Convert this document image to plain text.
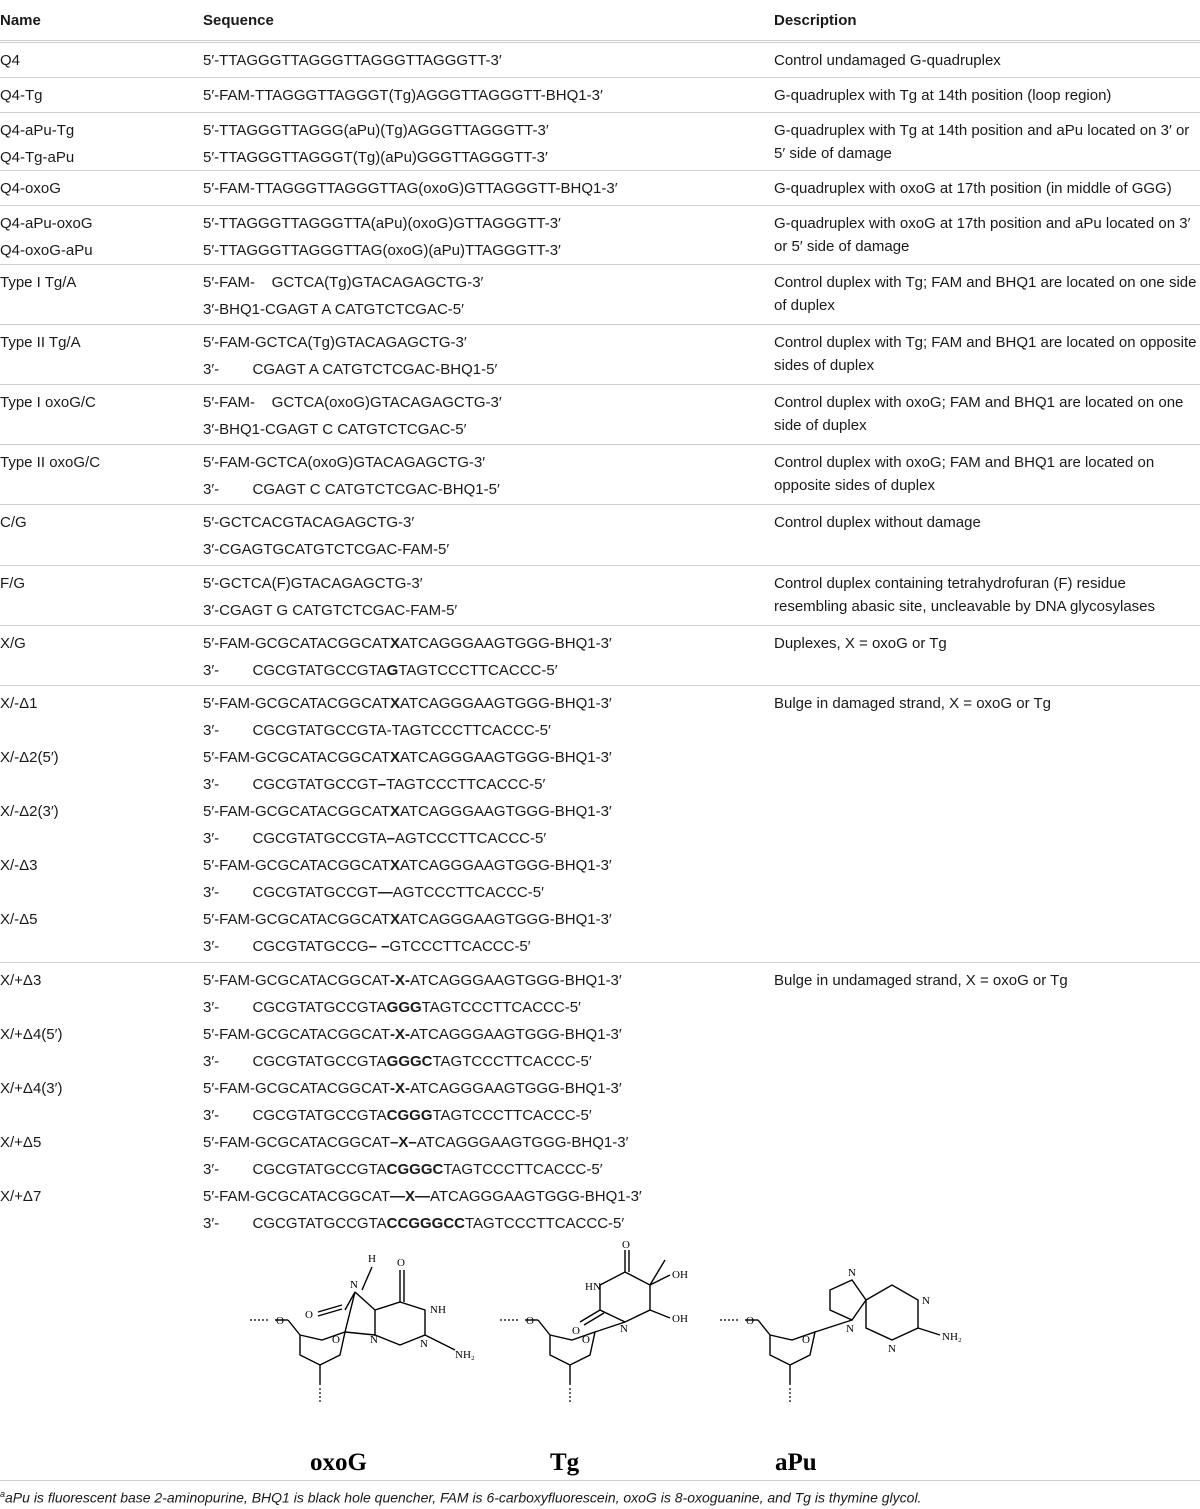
Name	Sequence	Description
Q4	5′-TTAGGGTTAGGGTTAGGGTTAGGGTT-3′	Control undamaged G-quadruplex
Q4-Tg	5′-FAM-TTAGGGTTAGGGT(Tg)AGGGTTAGGGTT-BHQ1-3′	G-quadruplex with Tg at 14th position (loop region)
Q4-aPu-Tg	5′-TTAGGGTTAGGG(aPu)(Tg)AGGGTTAGGGTT-3′
Q4-Tg-aPu	5′-TTAGGGTTAGGGT(Tg)(aPu)GGGTTAGGGTT-3′
G-quadruplex with Tg at 14th position and aPu located on 3′ or 5′ side of damage
Q4-oxoG	5′-FAM-TTAGGGTTAGGGTTAG(oxoG)GTTAGGGTT-BHQ1-3′	G-quadruplex with oxoG at 17th position (in middle of GGG)
Q4-aPu-oxoG	5′-TTAGGGTTAGGGTTA(aPu)(oxoG)GTTAGGGTT-3′
Q4-oxoG-aPu	5′-TTAGGGTTAGGGTTAG(oxoG)(aPu)TTAGGGTT-3′
G-quadruplex with oxoG at 17th position and aPu located on 3′ or 5′ side of damage
Type I Tg/A	5′-FAM-    GCTCA(Tg)GTACAGAGCTG-3′
3′-BHQ1-CGAGT A CATGTCTCGAC-5′
Control duplex with Tg; FAM and BHQ1 are located on one side of duplex
Type II Tg/A	5′-FAM-GCTCA(Tg)GTACAGAGCTG-3′
3′-        CGAGT A CATGTCTCGAC-BHQ1-5′
Control duplex with Tg; FAM and BHQ1 are located on opposite sides of duplex
Type I oxoG/C	5′-FAM-    GCTCA(oxoG)GTACAGAGCTG-3′
3′-BHQ1-CGAGT C CATGTCTCGAC-5′
Control duplex with oxoG; FAM and BHQ1 are located on one side of duplex
Type II oxoG/C	5′-FAM-GCTCA(oxoG)GTACAGAGCTG-3′
3′-        CGAGT C CATGTCTCGAC-BHQ1-5′
Control duplex with oxoG; FAM and BHQ1 are located on opposite sides of duplex
C/G	5′-GCTCACGTACAGAGCTG-3′
3′-CGAGTGCATGTCTCGAC-FAM-5′
Control duplex without damage
F/G	5′-GCTCA(F)GTACAGAGCTG-3′
3′-CGAGT G CATGTCTCGAC-FAM-5′
Control duplex containing tetrahydrofuran (F) residue resembling abasic site, uncleavable by DNA glycosylases
X/G	5′-FAM-GCGCATACGGCATXATCAGGGAAGTGGG-BHQ1-3′
3′-        CGCGTATGCCGTAGTAGTCCCTTCACCC-5′
Duplexes, X = oxoG or Tg
X/-Δ1	5′-FAM-GCGCATACGGCATXATCAGGGAAGTGGG-BHQ1-3′
3′-        CGCGTATGCCGTA-TAGTCCCTTCACCC-5′
X/-Δ2(5′)	5′-FAM-GCGCATACGGCATXATCAGGGAAGTGGG-BHQ1-3′
3′-        CGCGTATGCCGT–TAGTCCCTTCACCC-5′
X/-Δ2(3′)	5′-FAM-GCGCATACGGCATXATCAGGGAAGTGGG-BHQ1-3′
3′-        CGCGTATGCCGTA–AGTCCCTTCACCC-5′
X/-Δ3	5′-FAM-GCGCATACGGCATXATCAGGGAAGTGGG-BHQ1-3′
3′-        CGCGTATGCCGT—AGTCCCTTCACCC-5′
X/-Δ5	5′-FAM-GCGCATACGGCATXATCAGGGAAGTGGG-BHQ1-3′
3′-        CGCGTATGCCG– –GTCCCTTCACCC-5′
Bulge in damaged strand, X = oxoG or Tg
X/+Δ3	5′-FAM-GCGCATACGGCAT-X-ATCAGGGAAGTGGG-BHQ1-3′
3′-        CGCGTATGCCGTAGGGTAGTCCCTTCACCC-5′
X/+Δ4(5′)	5′-FAM-GCGCATACGGCAT-X-ATCAGGGAAGTGGG-BHQ1-3′
3′-        CGCGTATGCCGTAGGGCTAGTCCCTTCACCC-5′
X/+Δ4(3′)	5′-FAM-GCGCATACGGCAT-X-ATCAGGGAAGTGGG-BHQ1-3′
3′-        CGCGTATGCCGTACGGGTAGTCCCTTCACCC-5′
X/+Δ5	5′-FAM-GCGCATACGGCAT–X–ATCAGGGAAGTGGG-BHQ1-3′
3′-        CGCGTATGCCGTACGGGCTAGTCCCTTCACCC-5′
X/+Δ7	5′-FAM-GCGCATACGGCAT—X—ATCAGGGAAGTGGG-BHQ1-3′
3′-        CGCGTATGCCGTACCGGGCCTAGTCCCTTCACCC-5′
Bulge in undamaged strand, X = oxoG or Tg
H O
O	NH
NH₂
N
N	N
O
O
O
HN
OH
OH
O	N
O
O
N
N
N
N
NH₂
O
O
oxoG	Tg	aPu
$^a$aPu is fluorescent base 2-aminopurine, BHQ1 is black hole quencher, FAM is 6-carboxyfluorescein, oxoG is 8-oxoguanine, and Tg is thymine glycol.
